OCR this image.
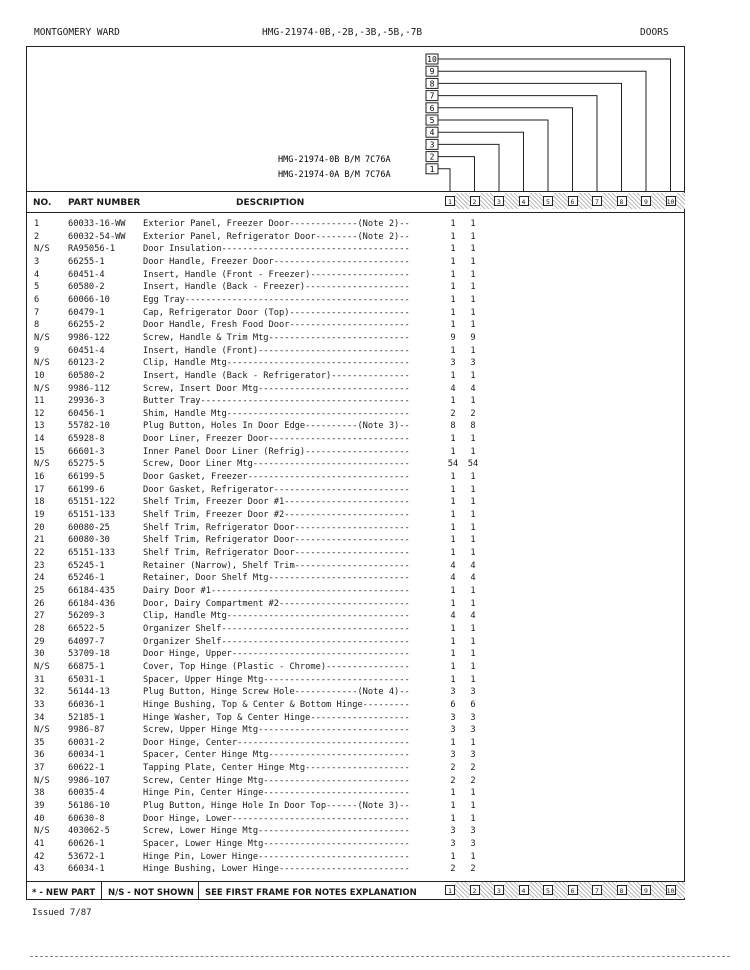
MONTGOMERY WARD	HMG-21974-0B,-2B,-3B,-5B,-7B	DOORS
10
9
8
7
6
5
4
3
2
1
HMG-21974-0B B/M 7C76A
HMG-21974-0A B/M 7C76A
NO. PART NUMBER	DESCRIPTION	1	2	3	4	5	6	7	8	9	10
1	60033-16-WW Exterior Panel, Freezer Door-------------(Note 2)--	1	1
2	60032-54-WW Exterior Panel, Refrigerator Door--------(Note 2)--	1	1
N/S	RA95056-1	Door Insulation------------------------------------	1	1
3	66255-1	Door Handle, Freezer Door--------------------------	1	1
4	60451-4	Insert, Handle (Front - Freezer)-------------------	1	1
5	60580-2	Insert, Handle (Back - Freezer)--------------------	1	1
6	60066-10	Egg Tray-------------------------------------------	1	1
7	60479-1	Cap, Refrigerator Door (Top)-----------------------	1	1
8	66255-2	Door Handle, Fresh Food Door-----------------------	1	1
N/S	9986-122	Screw, Handle & Trim Mtg---------------------------	9	9
9	60451-4	Insert, Handle (Front)-----------------------------	1	1
N/S	60123-2	Clip, Handle Mtg-----------------------------------	3	3
10	60580-2	Insert, Handle (Back - Refrigerator)---------------	1	1
N/S	9986-112	Screw, Insert Door Mtg-----------------------------	4	4
11	29936-3	Butter Tray----------------------------------------	1	1
12	60456-1	Shim, Handle Mtg-----------------------------------	2	2
13	55782-10	Plug Button, Holes In Door Edge----------(Note 3)--	8	8
14	65928-8	Door Liner, Freezer Door---------------------------	1	1
15	66601-3	Inner Panel Door Liner (Refrig)--------------------	1	1
N/S	65275-5	Screw, Door Liner Mtg------------------------------	54 54
16	66199-5	Door Gasket, Freezer-------------------------------	1	1
17	66199-6	Door Gasket, Refrigerator--------------------------	1	1
18	65151-122	Shelf Trim, Freezer Door #1------------------------	1	1
19	65151-133	Shelf Trim, Freezer Door #2------------------------	1	1
20	60080-25	Shelf Trim, Refrigerator Door----------------------	1	1
21	60080-30	Shelf Trim, Refrigerator Door----------------------	1	1
22	65151-133	Shelf Trim, Refrigerator Door----------------------	1	1
23	65245-1	Retainer (Narrow), Shelf Trim----------------------	4	4
24	65246-1	Retainer, Door Shelf Mtg---------------------------	4	4
25	66184-435	Dairy Door #1--------------------------------------	1	1
26	66184-436	Door, Dairy Compartment #2-------------------------	1	1
27	56209-3	Clip, Handle Mtg-----------------------------------	4	4
28	66522-5	Organizer Shelf------------------------------------	1	1
29	64097-7	Organizer Shelf------------------------------------	1	1
30	53709-18	Door Hinge, Upper----------------------------------	1	1
N/S	66875-1	Cover, Top Hinge (Plastic - Chrome)----------------	1	1
31	65031-1	Spacer, Upper Hinge Mtg----------------------------	1	1
32	56144-13	Plug Button, Hinge Screw Hole------------(Note 4)--	3	3
33	66036-1	Hinge Bushing, Top & Center & Bottom Hinge---------	6	6
34	52185-1	Hinge Washer, Top & Center Hinge-------------------	3	3
N/S	9986-87	Screw, Upper Hinge Mtg-----------------------------	3	3
35	60031-2	Door Hinge, Center---------------------------------	1	1
36	60034-1	Spacer, Center Hinge Mtg---------------------------	3	3
37	60622-1	Tapping Plate, Center Hinge Mtg--------------------	2	2
N/S	9986-107	Screw, Center Hinge Mtg----------------------------	2	2
38	60035-4	Hinge Pin, Center Hinge----------------------------	1	1
39	56186-10	Plug Button, Hinge Hole In Door Top------(Note 3)--	1	1
40	60630-8	Door Hinge, Lower----------------------------------	1	1
N/S	403062-5	Screw, Lower Hinge Mtg-----------------------------	3	3
41	60626-1	Spacer, Lower Hinge Mtg----------------------------	3	3
42	53672-1	Hinge Pin, Lower Hinge-----------------------------	1	1
43	66034-1	Hinge Bushing, Lower Hinge-------------------------	2	2
* - NEW PART N/S - NOT SHOWN SEE FIRST FRAME FOR NOTES EXPLANATION	1	2	3	4	5	6	7	8	9	10
Issued 7/87
